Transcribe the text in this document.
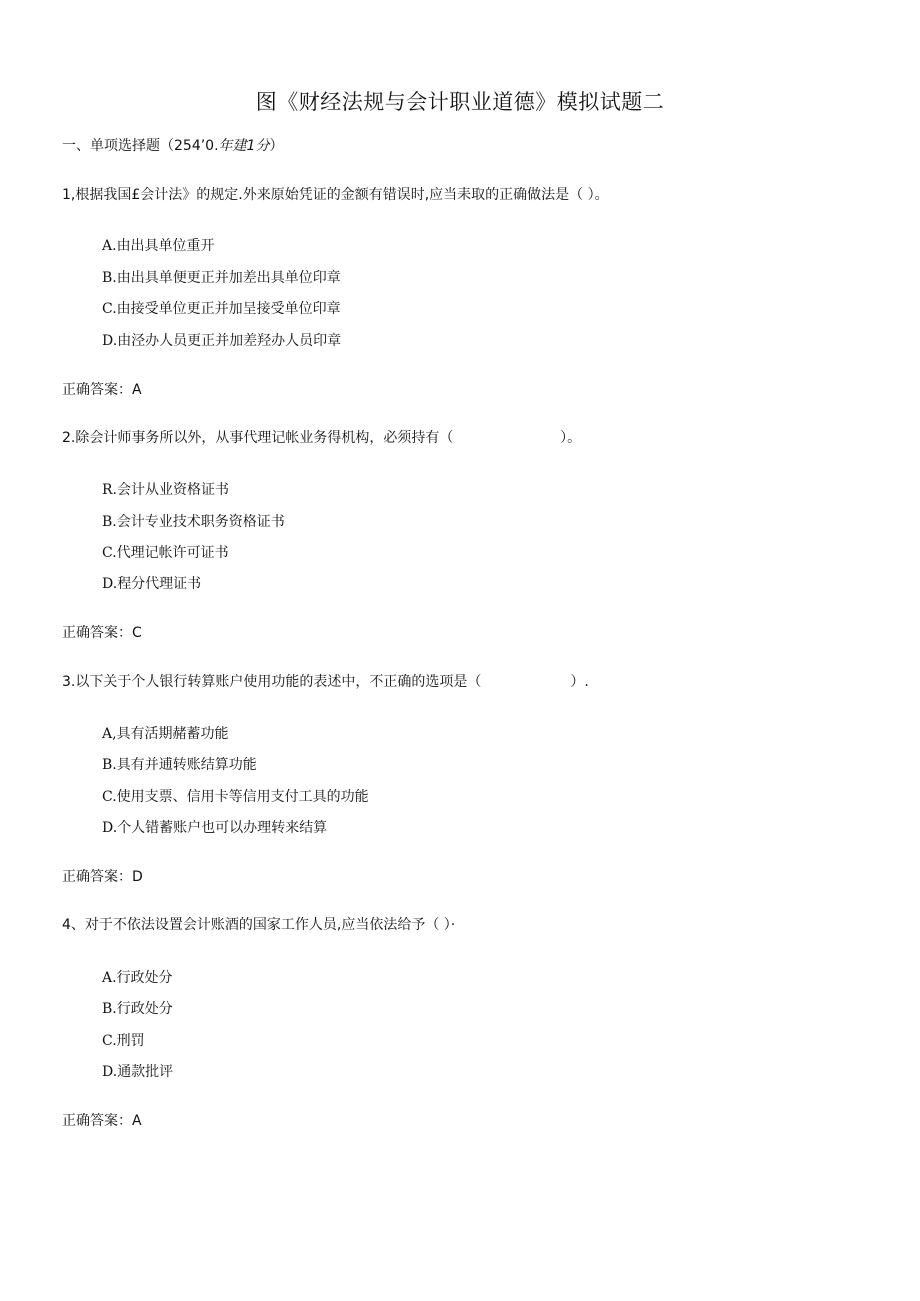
图《财经法规与会计职业道德》模拟试题二
一、单项选择题（254’0.年建1分）
1,根据我国£会计法》的规定.外来原始凭证的金额有错误时,应当耒取的正确做法是（ ）。
A.由出具单位重开
B.由出具单便更正并加差出具单位印章
C.由接受单位更正并加呈接受单位印章
D.由泾办人员更正并加差羟办人员印章
正确答案：A
2.除会计师事务所以外，从事代理记帐业务得机构，必须持有（                        ）。
R.会计从业资格证书
B.会计专业技术职务资格证书
C.代理记帐许可证书
D.程分代理证书
正确答案：C
3.以下关于个人银行转算账户使用功能的表述中，不正确的选项是（                    ）.
A,具有活期赭蓄功能
B.具有并逋转账结算功能
C.使用支票、信用卡等信用支付工具的功能
D.个人错蓄账户也可以办理转来结算
正确答案：D
4、对于不依法设置会计账酒的国家工作人员,应当依法给予（ ）·
A.行政处分
B.行政处分
C.刑罚
D.通款批评
正确答案：A
